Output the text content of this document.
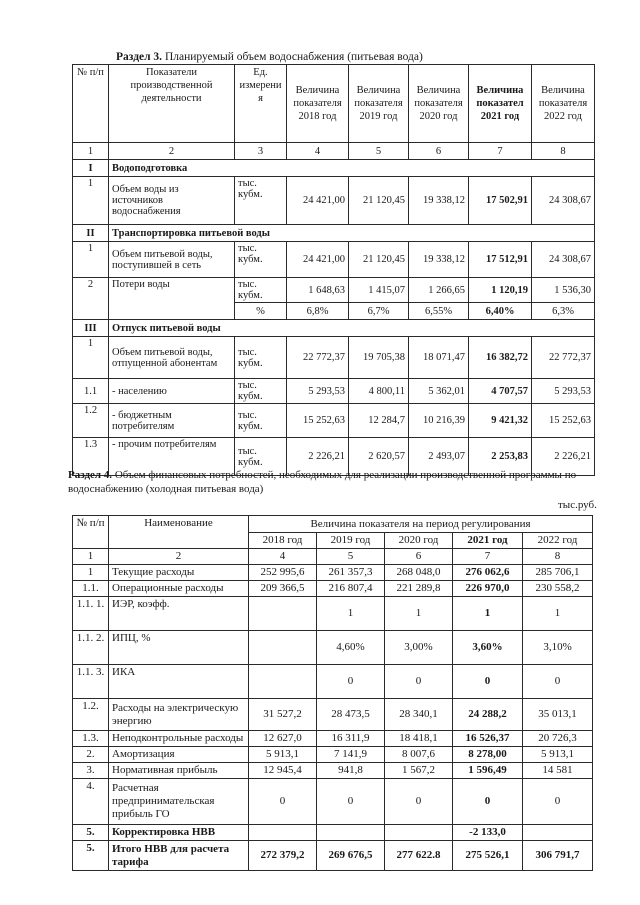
Раздел 3. Планируемый объем водоснабжения (питьевая вода)
№ п/п	Показатели производственной деятельности	Ед. измерени я	Величина показателя 2018 год	Величина показателя 2019 год	Величина показателя 2020 год	Величина показател 2021 год	Величина показателя 2022 год
1	2	3	4	5	6	7	8
I	Водоподготовка						
1	Объем воды из источников водоснабжения	тыс. кубм.	24 421,00	21 120,45	19 338,12	17 502,91	24 308,67
II	Транспортировка питьевой воды						
1	Объем питьевой воды, поступившей в сеть	тыс. кубм.	24 421,00	21 120,45	19 338,12	17 512,91	24 308,67
2	Потери воды	тыс. кубм.	1 648,63	1 415,07	1 266,65	1 120,19	1 536,30
		%	6,8%	6,7%	6,55%	6,40%	6,3%
III	Отпуск питьевой воды						
1	Объем питьевой воды, отпущенной абонентам	тыс. кубм.	22 772,37	19 705,38	18 071,47	16 382,72	22 772,37
1.1	- населению	тыс. кубм.	5 293,53	4 800,11	5 362,01	4 707,57	5 293,53
1.2	- бюджетным потребителям	тыс. кубм.	15 252,63	12 284,7	10 216,39	9 421,32	15 252,63
1.3	- прочим потребителям	тыс. кубм.	2 226,21	2 620,57	2 493,07	2 253,83	2 226,21
Раздел 4. Объем финансовых потребностей, необходимых для реализации производственной программы по водоснабжению (холодная питьевая вода)
тыс.руб.
№ п/п	Наименование	Величина показателя на период регулирования				
		2018 год	2019 год	2020 год	2021 год	2022 год
1	2	4	5	6	7	8
1	Текущие расходы	252 995,6	261 357,3	268 048,0	276 062,6	285 706,1
1.1.	Операционные расходы	209 366,5	216 807,4	221 289,8	226 970,0	230 558,2
1.1. 1.	ИЭР, коэфф.		1	1	1	1
1.1. 2.	ИПЦ, %		4,60%	3,00%	3,60%	3,10%
1.1. 3.	ИКА		0	0	0	0
1.2.	Расходы на электрическую энергию	31 527,2	28 473,5	28 340,1	24 288,2	35 013,1
1.3.	Неподконтрольные расходы	12 627,0	16 311,9	18 418,1	16 526,37	20 726,3
2.	Амортизация	5 913,1	7 141,9	8 007,6	8 278,00	5 913,1
3.	Нормативная прибыль	12 945,4	941,8	1 567,2	1 596,49	14 581
4.	Расчетная предпринимательская прибыль ГО	0	0	0	0	0
5.	Корректировка НВВ				-2 133,0	
5.	Итого НВВ для расчета тарифа	272 379,2	269 676,5	277 622.8	275 526,1	306 791,7
